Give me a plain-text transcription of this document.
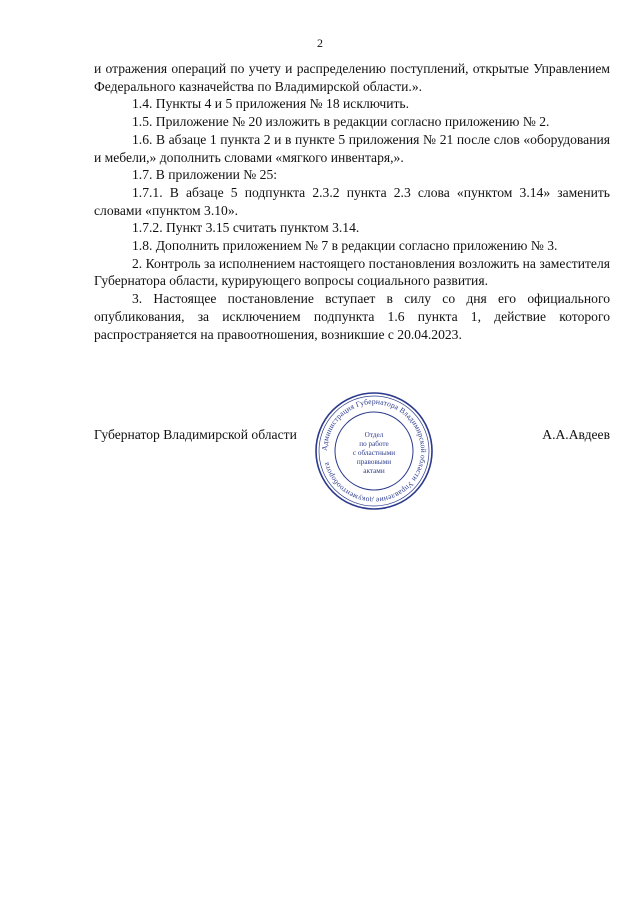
2

и отражения операций по учету и распределению поступлений, открытые Управлением Федерального казначейства по Владимирской области.».

1.4. Пункты 4 и 5 приложения № 18 исключить.

1.5. Приложение № 20 изложить в редакции согласно приложению № 2.

1.6. В абзаце 1 пункта 2 и в пункте 5 приложения № 21 после слов «оборудования и мебели,» дополнить словами «мягкого инвентаря,».

1.7. В приложении № 25:

1.7.1. В абзаце 5 подпункта 2.3.2 пункта 2.3 слова «пунктом 3.14» заменить словами «пунктом 3.10».

1.7.2. Пункт 3.15 считать пунктом 3.14.

1.8. Дополнить приложением № 7 в редакции согласно приложению № 3.

2. Контроль за исполнением настоящего постановления возложить на заместителя Губернатора области, курирующего вопросы социального развития.

3. Настоящее постановление вступает в силу со дня его официального опубликования, за исключением подпункта 1.6 пункта 1, действие которого распространяется на правоотношения, возникшие с 20.04.2023.

Губернатор Владимирской области	А.А.Авдеев
Администрация Губернатора Владимирской области Управление документооборота
Отдел
по работе
с областными
правовыми
актами
